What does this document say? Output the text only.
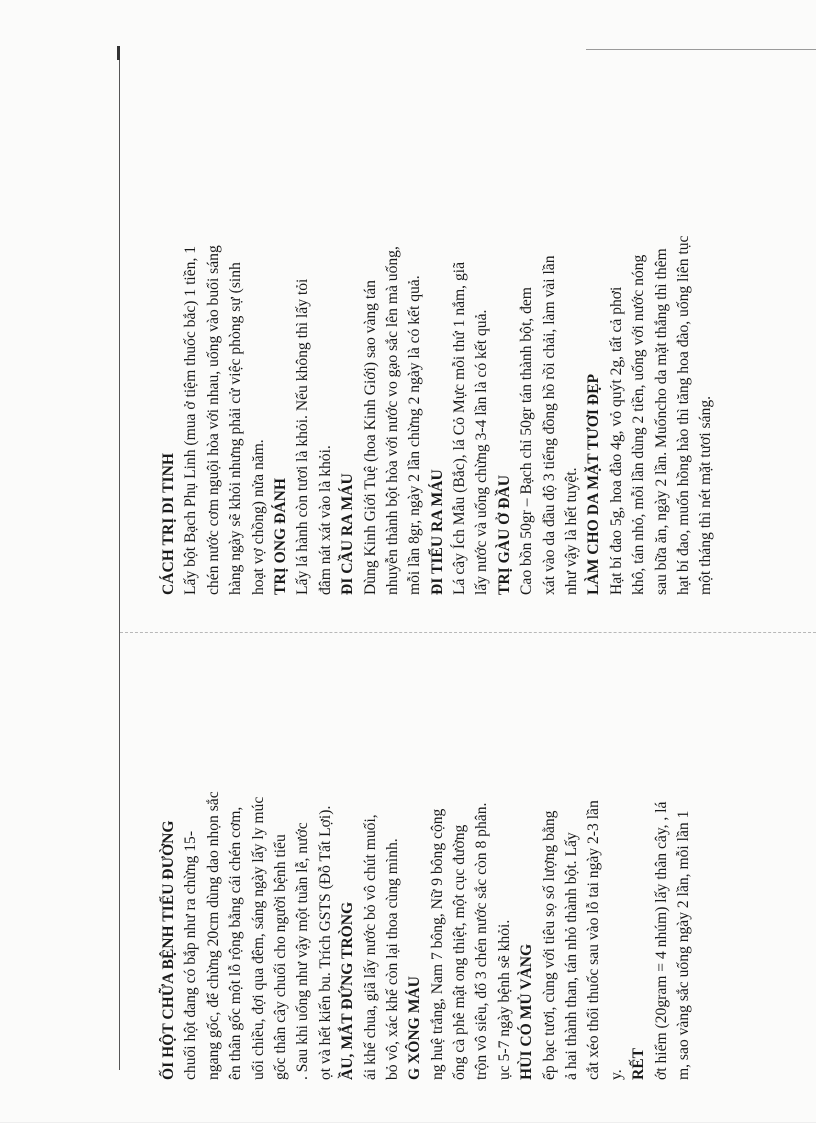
CÁCH TRỊ DI TINH Lấy bột Bạch Phụ Linh (mua ở tiệm thuốc bắc) 1 tiền, 1 chén nước cơm nguội hòa với nhau, uống vào buổi sáng hàng ngày sẽ khỏi nhưng phải cử việc phòng sự (sinh hoạt vợ chồng) nửa năm. TRỊ ONG ĐÁNH Lấy lá hành còn tươi là khỏi. Nếu không thì lấy tỏi đâm nát xát vào là khỏi. ĐI CẦU RA MÁU Dùng Kinh Giới Tuệ (hoa Kinh Giới) sao vàng tán nhuyễn thành bột hòa với nước vo gạo sắc lên mà uống, mỗi lần 8gr, ngày 2 lần chừng 2 ngày là có kết quả. ĐI TIỂU RA MÁU Lá cây Ích Mẫu (Bắc), lá Cỏ Mực mỗi thứ 1 nắm, giã lấy nước và uống chừng 3-4 lần là có kết quả. TRỊ GÀU Ở ĐẦU Cao bồn 50gr – Bạch chỉ 50gr tán thành bột, đem xát vào da đầu độ 3 tiếng đồng hồ rồi chải, làm vài lần như vậy là hết tuyệt. LÀM CHO DA MẶT TƯƠI ĐẸP Hạt bí đao 5g, hoa đào 4g, vỏ quýt 2g, tất cả phơi khô, tán nhỏ, mỗi lần dùng 2 tiền, uống với nước nóng sau bữa ăn, ngày 2 lần. Muốncho da mặt thắng thì thêm hạt bí đao, muốn hồng hào thì tăng hoa đào, uống liên tục một tháng thì nét mặt tươi sáng.
ỐI HỘT CHỮA BỆNH TIỂU ĐƯỜNG chuối hột đang có bắp như ra chừng 15- ngang gốc, để chừng 20cm dùng dao nhọn sắc ên thân gốc một lỗ rộng bằng cái chén cơm, uổi chiều, đợi qua đêm, sáng ngày lấy ly múc gốc thân cây chuối cho người bệnh tiểu . Sau khi uống như vậy một tuần lễ, nước ọt và hết kiến bu. Trích GSTS (Đỗ Tất Lợi). ẦU, MẮT ĐỨNG TRÒNG ái khế chua, giã lấy nước bỏ vô chút muối, bỏ vô, xác khế còn lại thoa cùng mình. G XÔNG MÁU ng huệ trắng, Nam 7 bông, Nữ 9 bông cộng ống cà phê mật ong thiệt, một cục đường trộn vô siêu, đổ 3 chén nước sắc còn 8 phân. ục 5-7 ngày bệnh sẽ khỏi. HÙI CÓ MỦ VÀNG ếp bạc tươi, cùng với tiêu sọ số lượng bằng ả hai thành than, tán nhỏ thành bột. Lấy cắt xéo thổi thuốc sau vào lỗ tai ngày 2-3 lần y. RẾT ớt hiểm (20gram = 4 nhúm) lấy thân cây, , lá m, sao vàng sắc uống ngày 2 lần, mỗi lần 1
